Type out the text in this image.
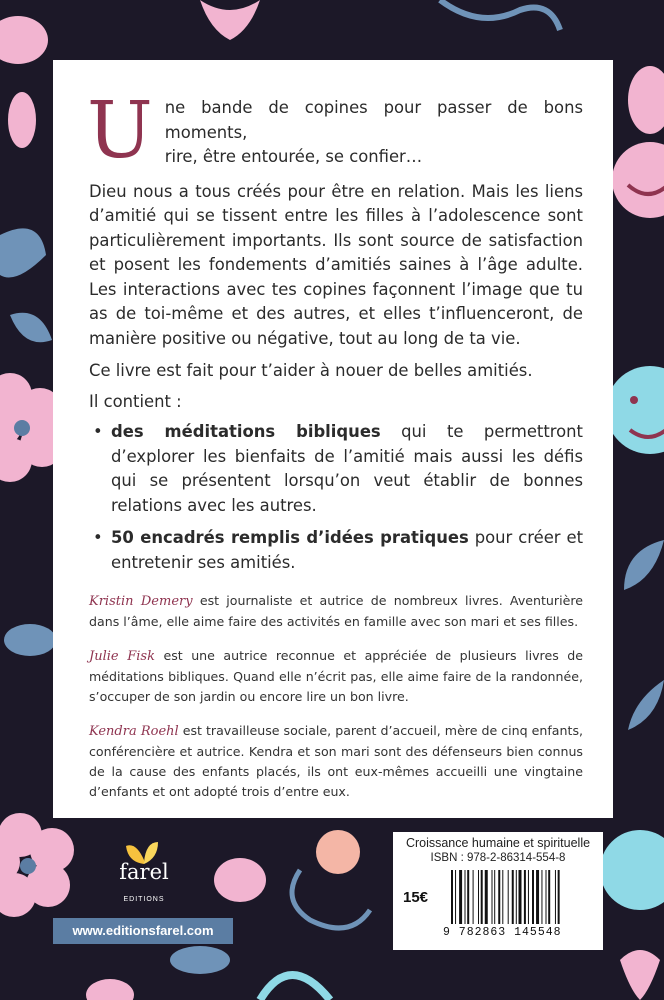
U ne bande de copines pour passer de bons moments,

rire, être entourée, se confier…

Dieu nous a tous créés pour être en relation. Mais les liens d’amitié qui se tissent entre les filles à l’adolescence sont particulièrement importants. Ils sont source de satisfaction et posent les fondements d’amitiés saines à l’âge adulte. Les interactions avec tes copines façonnent l’image que tu as de toi-même et des autres, et elles t’influenceront, de manière positive ou négative, tout au long de ta vie.

Ce livre est fait pour t’aider à nouer de belles amitiés.

Il contient :

• des méditations bibliques qui te permettront d’explorer les bienfaits de l’amitié mais aussi les défis qui se présentent lorsqu’on veut établir de bonnes relations avec les autres.
• 50 encadrés remplis d’idées pratiques pour créer et entretenir ses amitiés.

Kristin Demery est journaliste et autrice de nombreux livres. Aventurière dans l’âme, elle aime faire des activités en famille avec son mari et ses filles.

Julie Fisk est une autrice reconnue et appréciée de plusieurs livres de méditations bibliques. Quand elle n’écrit pas, elle aime faire de la randonnée, s’occuper de son jardin ou encore lire un bon livre.

Kendra Roehl est travailleuse sociale, parent d’accueil, mère de cinq enfants, conférencière et autrice. Kendra et son mari sont des défenseurs bien connus de la cause des enfants placés, ils ont eux-mêmes accueilli une vingtaine d’enfants et ont adopté trois d’entre eux.

farel
EDITIONS
www.editionsfarel.com
Croissance humaine et spirituelle
ISBN : 978-2-86314-554-8
15€
9 782863 145548
